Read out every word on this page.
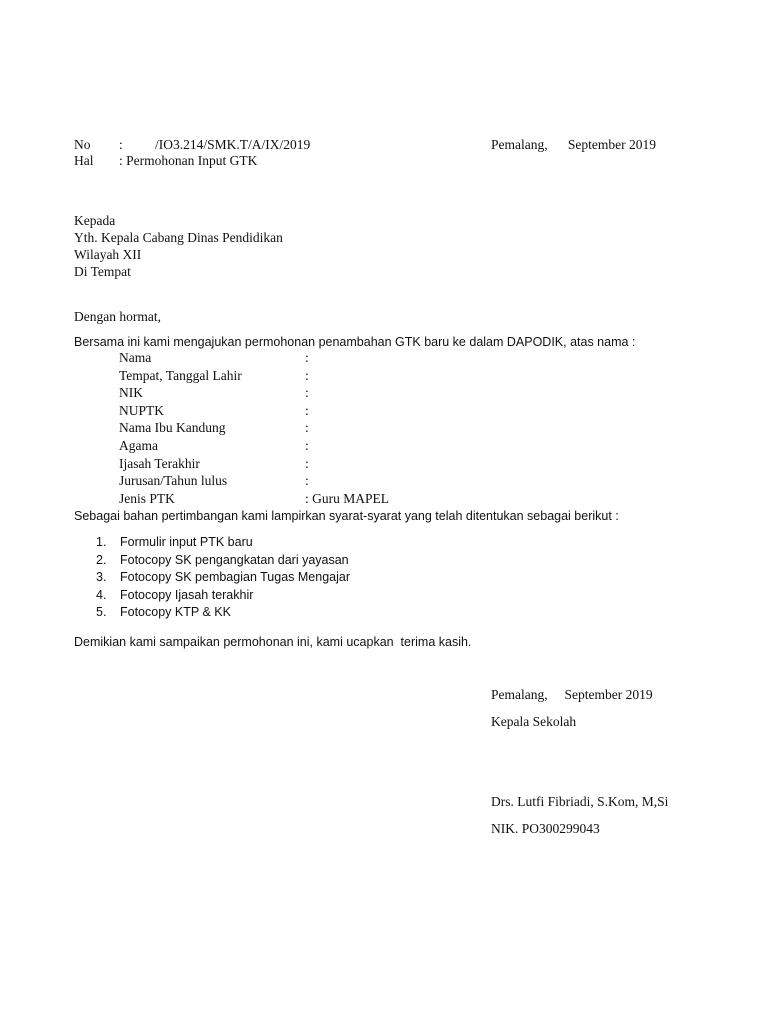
No : /IO3.214/SMK.T/A/IX/2019	Pemalang,      September 2019
Hal : Permohonan Input GTK
Kepada
Yth. Kepala Cabang Dinas Pendidikan
Wilayah XII
Di Tempat
Dengan hormat,
Bersama ini kami mengajukan permohonan penambahan GTK baru ke dalam DAPODIK, atas nama :
Nama	:
Tempat, Tanggal Lahir	:
NIK	:
NUPTK	:
Nama Ibu Kandung	:
Agama	:
Ijasah Terakhir	:
Jurusan/Tahun lulus	:
Jenis PTK	: Guru MAPEL
Sebagai bahan pertimbangan kami lampirkan syarat-syarat yang telah ditentukan sebagai berikut :
1. Formulir input PTK baru
2. Fotocopy SK pengangkatan dari yayasan
3. Fotocopy SK pembagian Tugas Mengajar
4. Fotocopy Ijasah terakhir
5. Fotocopy KTP & KK
Demikian kami sampaikan permohonan ini, kami ucapkan  terima kasih.
Pemalang,     September 2019
Kepala Sekolah
Drs. Lutfi Fibriadi, S.Kom, M,Si
NIK. PO300299043
